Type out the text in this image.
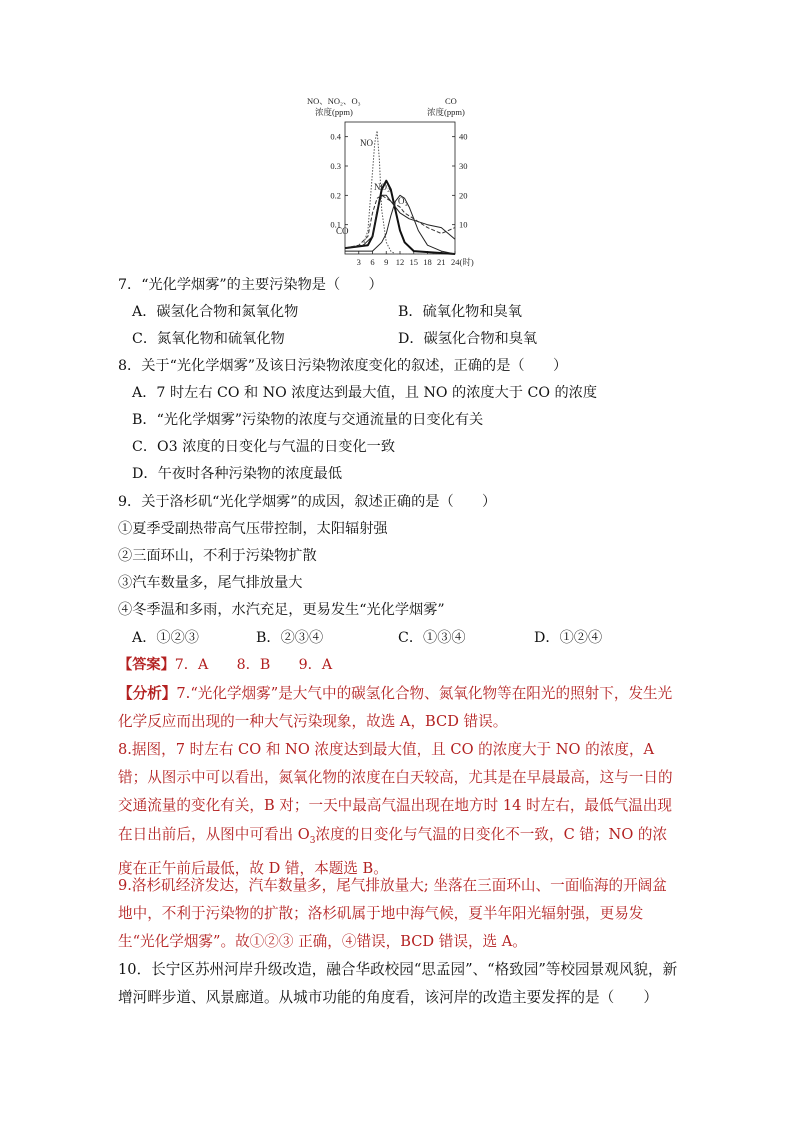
NO、NO₂、O₃
浓度(ppm)
CO
浓度(ppm)
0.1
0.2
0.3
0.4
10
20
30
40
3 6 9 12 15 18 21 24(时)
NO
NO₂
O₃
CO
7．“光化学烟雾”的主要污染物是（　　）
A．碳氢化合物和氮氧化物	B．硫氧化物和臭氧
C．氮氧化物和硫氧化物	D．碳氢化合物和臭氧
8．关于“光化学烟雾”及该日污染物浓度变化的叙述，正确的是（　　）
A．7 时左右 CO 和 NO 浓度达到最大值，且 NO 的浓度大于 CO 的浓度
B．“光化学烟雾”污染物的浓度与交通流量的日变化有关
C．O3 浓度的日变化与气温的日变化一致
D．午夜时各种污染物的浓度最低
9．关于洛杉矶“光化学烟雾”的成因，叙述正确的是（　　）
①夏季受副热带高气压带控制，太阳辐射强
②三面环山，不利于污染物扩散
③汽车数量多，尾气排放量大
④冬季温和多雨，水汽充足，更易发生“光化学烟雾”
A．①②③	B．②③④	C．①③④	D．①②④
【答案】7．A　　8．B　　9．A
【分析】7.“光化学烟雾”是大气中的碳氢化合物、氮氧化物等在阳光的照射下，发生光化学反应而出现的一种大气污染现象，故选 A，BCD 错误。
8.据图，7 时左右 CO 和 NO 浓度达到最大值，且 CO 的浓度大于 NO 的浓度，A 错；从图示中可以看出，氮氧化物的浓度在白天较高，尤其是在早晨最高，这与一日的交通流量的变化有关，B 对；一天中最高气温出现在地方时 14 时左右，最低气温出现在日出前后，从图中可看出 $O_3$浓度的日变化与气温的日变化不一致，C 错；NO 的浓度在正午前后最低，故 D 错，本题选 B。
9.洛杉矶经济发达，汽车数量多，尾气排放量大; 坐落在三面环山、一面临海的开阔盆地中，不利于污染物的扩散；洛杉矶属于地中海气候，夏半年阳光辐射强，更易发生“光化学烟雾”。故①②③ 正确，④错误，BCD 错误，选 A。
10．长宁区苏州河岸升级改造，融合华政校园“思孟园”、“格致园”等校园景观风貌，新增河畔步道、风景廊道。从城市功能的角度看，该河岸的改造主要发挥的是（　　）
